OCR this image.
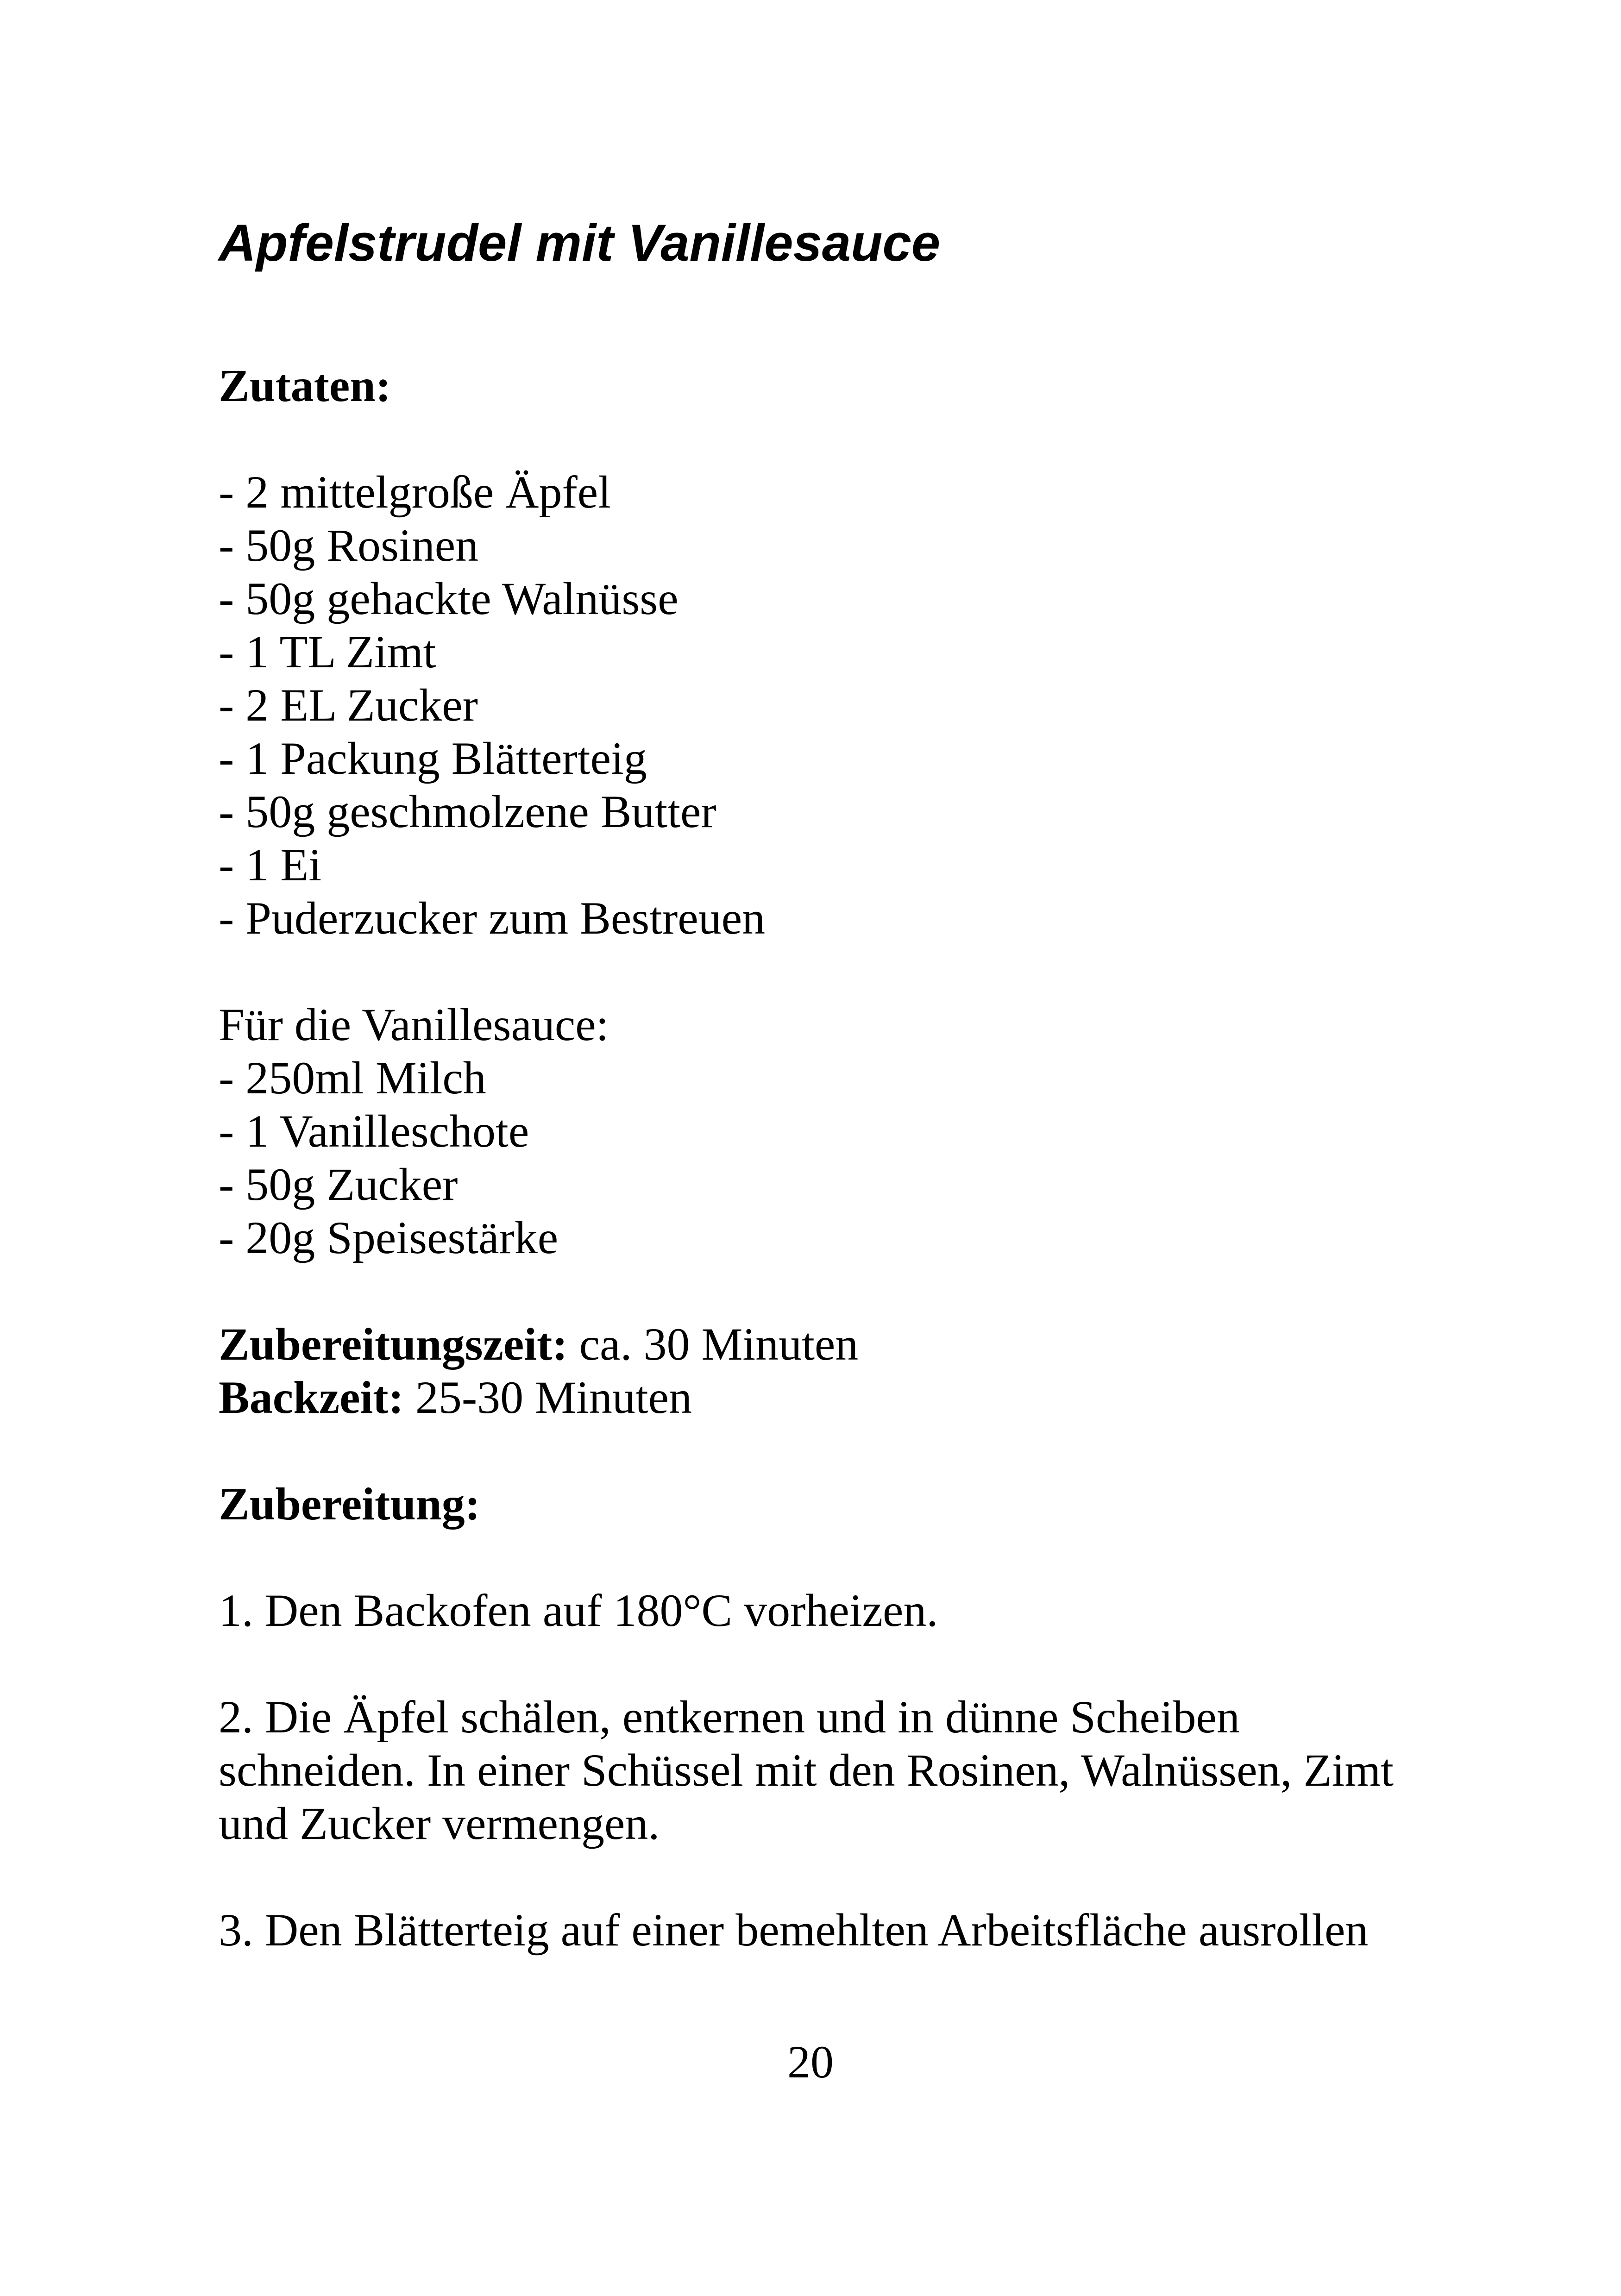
Apfelstrudel mit Vanillesauce
Zutaten:
- 2 mittelgroße Äpfel
- 50g Rosinen
- 50g gehackte Walnüsse
- 1 TL Zimt
- 2 EL Zucker
- 1 Packung Blätterteig
- 50g geschmolzene Butter
- 1 Ei
- Puderzucker zum Bestreuen
Für die Vanillesauce:
- 250ml Milch
- 1 Vanilleschote
- 50g Zucker
- 20g Speisestärke
Zubereitungszeit: ca. 30 Minuten
Backzeit: 25-30 Minuten
Zubereitung:
1. Den Backofen auf 180°C vorheizen.

2. Die Äpfel schälen, entkernen und in dünne Scheiben

schneiden. In einer Schüssel mit den Rosinen, Walnüssen, Zimt

und Zucker vermengen.

3. Den Blätterteig auf einer bemehlten Arbeitsfläche ausrollen
20
